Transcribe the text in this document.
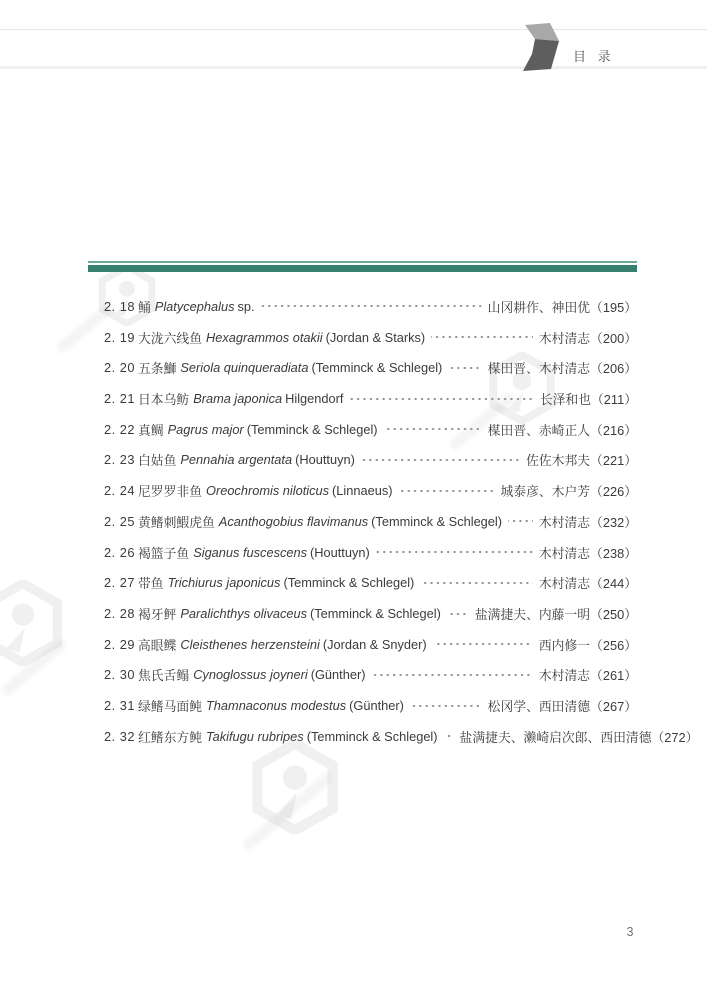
目 录
2. 18 鲬 Platycephalus sp.	山冈耕作、神田优（195）
2. 19 大泷六线鱼 Hexagrammos otakii (Jordan & Starks)	木村清志（200）
2. 20 五条鰤 Seriola quinqueradiata (Temminck & Schlegel)	楳田晋、木村清志（206）
2. 21 日本乌鲂 Brama japonica Hilgendorf	长泽和也（211）
2. 22 真鲷 Pagrus major (Temminck & Schlegel)	楳田晋、赤崎正人（216）
2. 23 白姑鱼 Pennahia argentata (Houttuyn)	佐佐木邦夫（221）
2. 24 尼罗罗非鱼 Oreochromis niloticus (Linnaeus)	城泰彦、木户芳（226）
2. 25 黄鳍刺鰕虎鱼 Acanthogobius flavimanus (Temminck & Schlegel)	木村清志（232）
2. 26 褐篮子鱼 Siganus fuscescens (Houttuyn)	木村清志（238）
2. 27 带鱼 Trichiurus japonicus (Temminck & Schlegel)	木村清志（244）
2. 28 褐牙鲆 Paralichthys olivaceus (Temminck & Schlegel)	盐满捷夫、内藤一明（250）
2. 29 高眼鲽 Cleisthenes herzensteini (Jordan & Snyder)	西内修一（256）
2. 30 焦氏舌鳎 Cynoglossus joyneri (Günther)	木村清志（261）
2. 31 绿鳍马面鲀 Thamnaconus modestus (Günther)	松冈学、西田清德（267）
2. 32 红鳍东方鲀 Takifugu rubripes (Temminck & Schlegel) 盐满捷夫、濑崎启次郎、西田清德（272）
3
